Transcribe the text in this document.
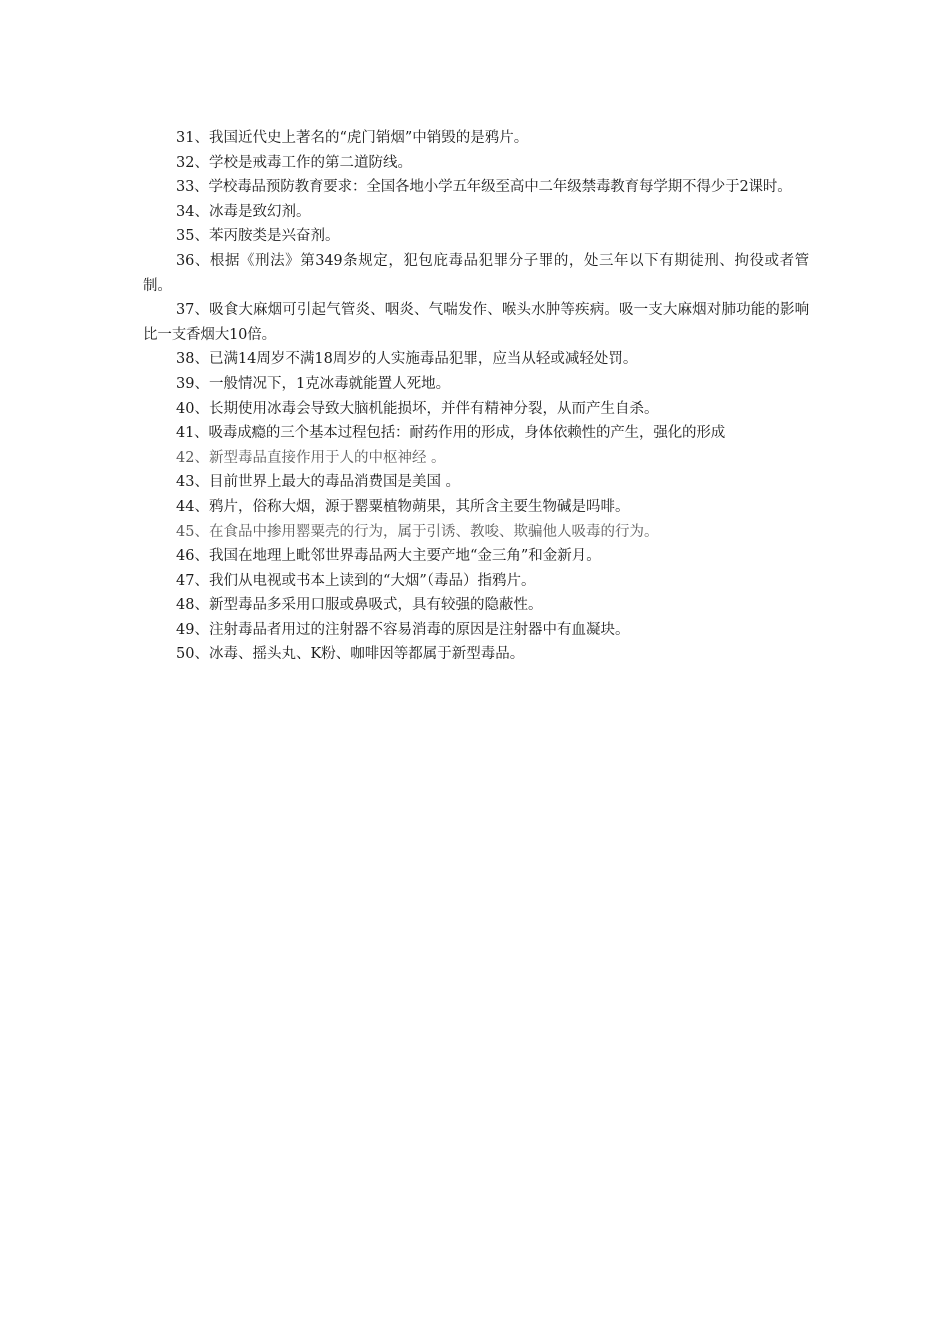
31、我国近代史上著名的“虎门销烟”中销毁的是鸦片。

32、学校是戒毒工作的第二道防线。

33、学校毒品预防教育要求：全国各地小学五年级至高中二年级禁毒教育每学期不得少于2课时。

34、冰毒是致幻剂。

35、苯丙胺类是兴奋剂。

36、根据《刑法》第349条规定，犯包庇毒品犯罪分子罪的，处三年以下有期徒刑、拘役或者管制。

37、吸食大麻烟可引起气管炎、咽炎、气喘发作、喉头水肿等疾病。吸一支大麻烟对肺功能的影响比一支香烟大10倍。

38、已满14周岁不满18周岁的人实施毒品犯罪，应当从轻或减轻处罚。

39、一般情况下，1克冰毒就能置人死地。

40、长期使用冰毒会导致大脑机能损坏，并伴有精神分裂，从而产生自杀。

41、吸毒成瘾的三个基本过程包括：耐药作用的形成，身体依赖性的产生，强化的形成

42、新型毒品直接作用于人的中枢神经 。

43、目前世界上最大的毒品消费国是美国 。

44、鸦片，俗称大烟，源于罂粟植物蒴果，其所含主要生物碱是吗啡。

45、在食品中掺用罂粟壳的行为，属于引诱、教唆、欺骗他人吸毒的行为。

46、我国在地理上毗邻世界毒品两大主要产地“金三角”和金新月。

47、我们从电视或书本上读到的“大烟”（毒品）指鸦片。

48、新型毒品多采用口服或鼻吸式，具有较强的隐蔽性。

49、注射毒品者用过的注射器不容易消毒的原因是注射器中有血凝块。

50、冰毒、摇头丸、K粉、咖啡因等都属于新型毒品。
